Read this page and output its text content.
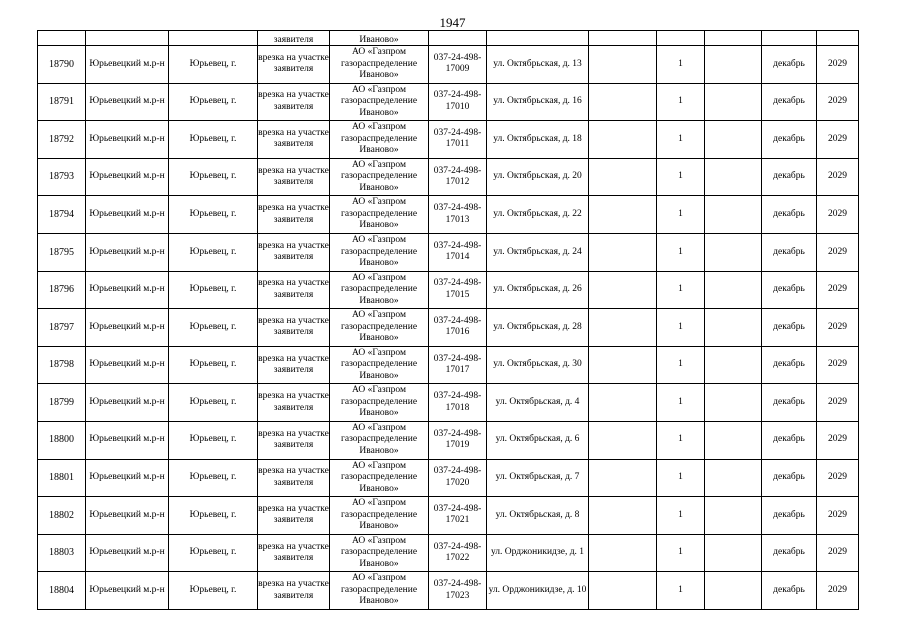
1947
			заявителя	Иваново»							
18790	Юрьевецкий м.р-н	Юрьевец, г.	врезка на участке заявителя	АО «Газпром газораспределение Иваново»	037-24-498-17009	ул. Октябрьская, д. 13		1		декабрь	2029
18791	Юрьевецкий м.р-н	Юрьевец, г.	врезка на участке заявителя	АО «Газпром газораспределение Иваново»	037-24-498-17010	ул. Октябрьская, д. 16		1		декабрь	2029
18792	Юрьевецкий м.р-н	Юрьевец, г.	врезка на участке заявителя	АО «Газпром газораспределение Иваново»	037-24-498-17011	ул. Октябрьская, д. 18		1		декабрь	2029
18793	Юрьевецкий м.р-н	Юрьевец, г.	врезка на участке заявителя	АО «Газпром газораспределение Иваново»	037-24-498-17012	ул. Октябрьская, д. 20		1		декабрь	2029
18794	Юрьевецкий м.р-н	Юрьевец, г.	врезка на участке заявителя	АО «Газпром газораспределение Иваново»	037-24-498-17013	ул. Октябрьская, д. 22		1		декабрь	2029
18795	Юрьевецкий м.р-н	Юрьевец, г.	врезка на участке заявителя	АО «Газпром газораспределение Иваново»	037-24-498-17014	ул. Октябрьская, д. 24		1		декабрь	2029
18796	Юрьевецкий м.р-н	Юрьевец, г.	врезка на участке заявителя	АО «Газпром газораспределение Иваново»	037-24-498-17015	ул. Октябрьская, д. 26		1		декабрь	2029
18797	Юрьевецкий м.р-н	Юрьевец, г.	врезка на участке заявителя	АО «Газпром газораспределение Иваново»	037-24-498-17016	ул. Октябрьская, д. 28		1		декабрь	2029
18798	Юрьевецкий м.р-н	Юрьевец, г.	врезка на участке заявителя	АО «Газпром газораспределение Иваново»	037-24-498-17017	ул. Октябрьская, д. 30		1		декабрь	2029
18799	Юрьевецкий м.р-н	Юрьевец, г.	врезка на участке заявителя	АО «Газпром газораспределение Иваново»	037-24-498-17018	ул. Октябрьская, д. 4		1		декабрь	2029
18800	Юрьевецкий м.р-н	Юрьевец, г.	врезка на участке заявителя	АО «Газпром газораспределение Иваново»	037-24-498-17019	ул. Октябрьская, д. 6		1		декабрь	2029
18801	Юрьевецкий м.р-н	Юрьевец, г.	врезка на участке заявителя	АО «Газпром газораспределение Иваново»	037-24-498-17020	ул. Октябрьская, д. 7		1		декабрь	2029
18802	Юрьевецкий м.р-н	Юрьевец, г.	врезка на участке заявителя	АО «Газпром газораспределение Иваново»	037-24-498-17021	ул. Октябрьская, д. 8		1		декабрь	2029
18803	Юрьевецкий м.р-н	Юрьевец, г.	врезка на участке заявителя	АО «Газпром газораспределение Иваново»	037-24-498-17022	ул. Орджоникидзе, д. 1		1		декабрь	2029
18804	Юрьевецкий м.р-н	Юрьевец, г.	врезка на участке заявителя	АО «Газпром газораспределение Иваново»	037-24-498-17023	ул. Орджоникидзе, д. 10		1		декабрь	2029
